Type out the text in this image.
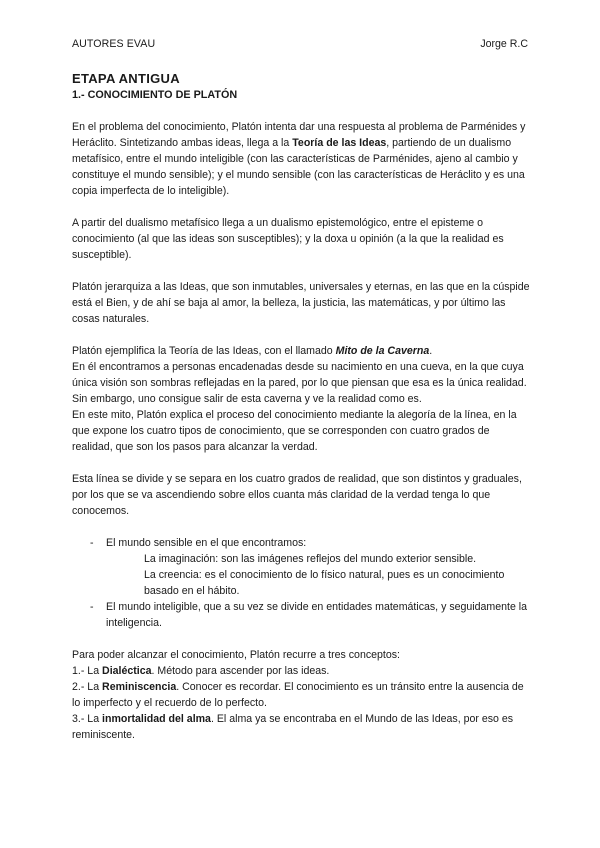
AUTORES EVAU	Jorge R.C
ETAPA ANTIGUA
1.- CONOCIMIENTO DE PLATÓN

En el problema del conocimiento, Platón intenta dar una respuesta al problema de Parménides y Heráclito. Sintetizando ambas ideas, llega a la Teoría de las Ideas, partiendo de un dualismo metafísico, entre el mundo inteligible (con las características de Parménides, ajeno al cambio y constituye el mundo sensible); y el mundo sensible (con las características de Heráclito y es una copia imperfecta de lo inteligible).

A partir del dualismo metafísico llega a un dualismo epistemológico, entre el episteme o conocimiento (al que las ideas son susceptibles); y la doxa u opinión (a la que la realidad es susceptible).

Platón jerarquiza a las Ideas, que son inmutables, universales y eternas, en las que en la cúspide está el Bien, y de ahí se baja al amor, la belleza, la justicia, las matemáticas, y por último las cosas naturales.

Platón ejemplifica la Teoría de las Ideas, con el llamado Mito de la Caverna.
En él encontramos a personas encadenadas desde su nacimiento en una cueva, en la que cuya única visión son sombras reflejadas en la pared, por lo que piensan que esa es la única realidad. Sin embargo, uno consigue salir de esta caverna y ve la realidad como es.
En este mito, Platón explica el proceso del conocimiento mediante la alegoría de la línea, en la que expone los cuatro tipos de conocimiento, que se corresponden con cuatro grados de realidad, que son los pasos para alcanzar la verdad.

Esta línea se divide y se separa en los cuatro grados de realidad, que son distintos y graduales, por los que se va ascendiendo sobre ellos cuanta más claridad de la verdad tenga lo que conocemos.

- El mundo sensible en el que encontramos:
La imaginación: son las imágenes reflejos del mundo exterior sensible.
La creencia: es el conocimiento de lo físico natural, pues es un conocimiento basado en el hábito.
- El mundo inteligible, que a su vez se divide en entidades matemáticas, y seguidamente la inteligencia.

Para poder alcanzar el conocimiento, Platón recurre a tres conceptos:
1.- La Dialéctica. Método para ascender por las ideas.
2.- La Reminiscencia. Conocer es recordar. El conocimiento es un tránsito entre la ausencia de lo imperfecto y el recuerdo de lo perfecto.
3.- La inmortalidad del alma. El alma ya se encontraba en el Mundo de las Ideas, por eso es reminiscente.
